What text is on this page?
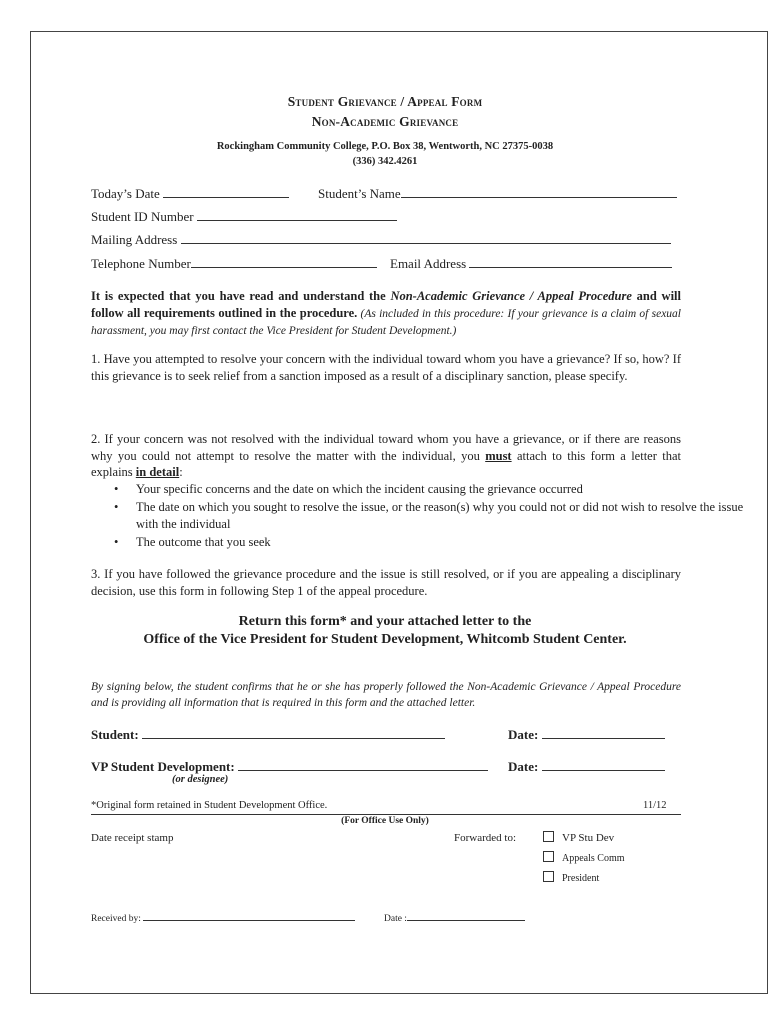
Student Grievance / Appeal Form
Non-Academic Grievance
Rockingham Community College, P.O. Box 38, Wentworth, NC 27375-0038
(336) 342.4261
Today’s Date	Student’s Name
Student ID Number
Mailing Address
Telephone Number	Email Address
It is expected that you have read and understand the Non-Academic Grievance / Appeal Procedure and will follow all requirements outlined in the procedure. (As included in this procedure: If your grievance is a claim of sexual harassment, you may first contact the Vice President for Student Development.)
1. Have you attempted to resolve your concern with the individual toward whom you have a grievance? If so, how? If this grievance is to seek relief from a sanction imposed as a result of a disciplinary sanction, please specify.
2. If your concern was not resolved with the individual toward whom you have a grievance, or if there are reasons why you could not attempt to resolve the matter with the individual, you must attach to this form a letter that explains in detail:
• Your specific concerns and the date on which the incident causing the grievance occurred
• The date on which you sought to resolve the issue, or the reason(s) why you could not or did not wish to resolve the issue with the individual
• The outcome that you seek
3. If you have followed the grievance procedure and the issue is still resolved, or if you are appealing a disciplinary decision, use this form in following Step 1 of the appeal procedure.
Return this form* and your attached letter to the
Office of the Vice President for Student Development, Whitcomb Student Center.
By signing below, the student confirms that he or she has properly followed the Non-Academic Grievance / Appeal Procedure and is providing all information that is required in this form and the attached letter.
Student:	Date:
VP Student Development:	Date:
(or designee)
*Original form retained in Student Development Office.	11/12
(For Office Use Only)
Date receipt stamp	Forwarded to:	VP Stu Dev
Appeals Comm
President
Received by:	Date :
